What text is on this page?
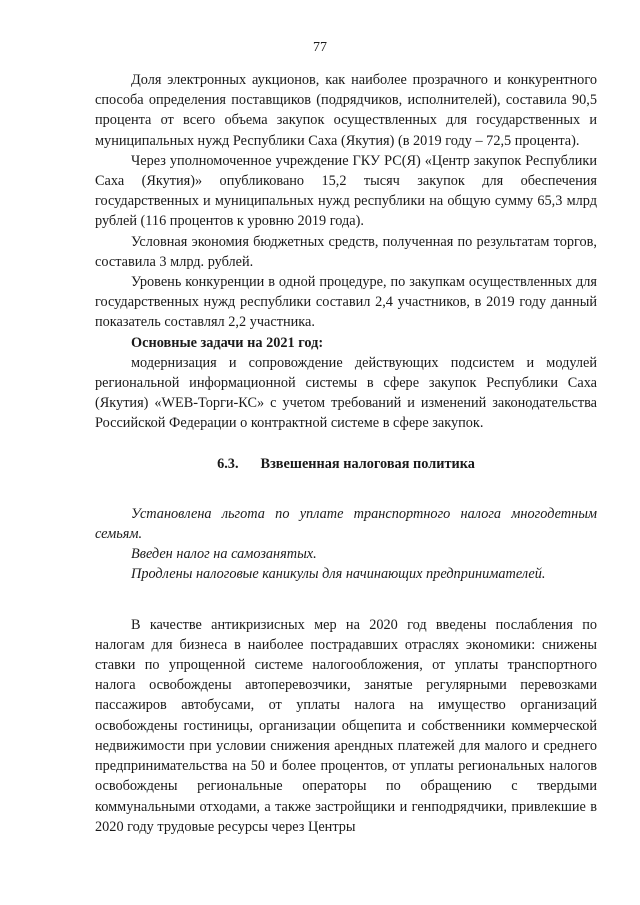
77

Доля электронных аукционов, как наиболее прозрачного и конкурентного способа определения поставщиков (подрядчиков, исполнителей), составила 90,5 процента от всего объема закупок осуществленных для государственных и муниципальных нужд Республики Саха (Якутия) (в 2019 году – 72,5 процента).

Через уполномоченное учреждение ГКУ РС(Я) «Центр закупок Республики Саха (Якутия)» опубликовано 15,2 тысяч закупок для обеспечения государственных и муниципальных нужд республики на общую сумму 65,3 млрд рублей (116 процентов к уровню 2019 года).

Условная экономия бюджетных средств, полученная по результатам торгов, составила 3 млрд. рублей.

Уровень конкуренции в одной процедуре, по закупкам осуществленных для государственных нужд республики составил 2,4 участников, в 2019 году данный показатель составлял 2,2 участника.

Основные задачи на 2021 год:

модернизация и сопровождение действующих подсистем и модулей региональной информационной системы в сфере закупок Республики Саха (Якутия) «WEB-Торги-КС» с учетом требований и изменений законодательства Российской Федерации о контрактной системе в сфере закупок.

6.3. Взвешенная налоговая политика

Установлена льгота по уплате транспортного налога многодетным семьям.

Введен налог на самозанятых.

Продлены налоговые каникулы для начинающих предпринимателей.

В качестве антикризисных мер на 2020 год введены послабления по налогам для бизнеса в наиболее пострадавших отраслях экономики: снижены ставки по упрощенной системе налогообложения, от уплаты транспортного налога освобождены автоперевозчики, занятые регулярными перевозками пассажиров автобусами, от уплаты налога на имущество организаций освобождены гостиницы, организации общепита и собственники коммерческой недвижимости при условии снижения арендных платежей для малого и среднего предпринимательства на 50 и более процентов, от уплаты региональных налогов освобождены региональные операторы по обращению с твердыми коммунальными отходами, а также застройщики и генподрядчики, привлекшие в 2020 году трудовые ресурсы через Центры
